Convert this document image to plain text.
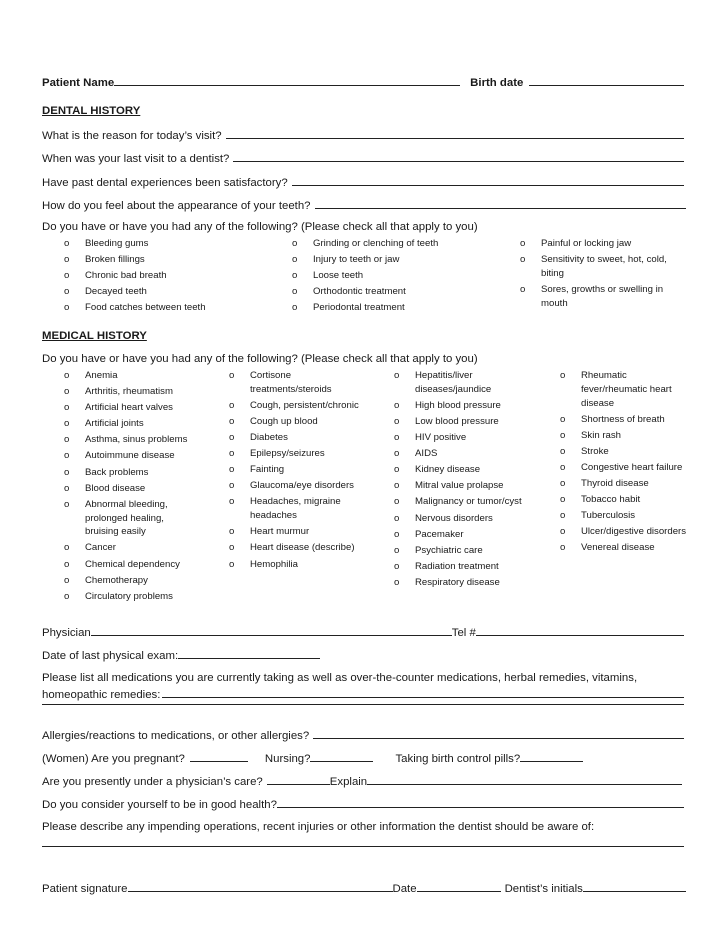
Patient Name	Birth date
DENTAL HISTORY
What is the reason for today’s visit?
When was your last visit to a dentist?
Have past dental experiences been satisfactory?
How do you feel about the appearance of your teeth?
Do you have or have you had any of the following? (Please check all that apply to you)
o Bleeding gums
o Broken fillings
o Chronic bad breath
o Decayed teeth
o Food catches between teeth
o Grinding or clenching of teeth
o Injury to teeth or jaw
o Loose teeth
o Orthodontic treatment
o Periodontal treatment
o Painful or locking jaw
o Sensitivity to sweet, hot, cold, biting
o Sores, growths or swelling in mouth
MEDICAL HISTORY
Do you have or have you had any of the following? (Please check all that apply to you)
o Anemia
o Arthritis, rheumatism
o Artificial heart valves
o Artificial joints
o Asthma, sinus problems
o Autoimmune disease
o Back problems
o Blood disease
o Abnormal bleeding, prolonged healing, bruising easily
o Cancer
o Chemical dependency
o Chemotherapy
o Circulatory problems
o Cortisone treatments/steroids
o Cough, persistent/chronic
o Cough up blood
o Diabetes
o Epilepsy/seizures
o Fainting
o Glaucoma/eye disorders
o Headaches, migraine headaches
o Heart murmur
o Heart disease (describe)
o Hemophilia
o Hepatitis/liver diseases/jaundice
o High blood pressure
o Low blood pressure
o HIV positive
o AIDS
o Kidney disease
o Mitral value prolapse
o Malignancy or tumor/cyst
o Nervous disorders
o Pacemaker
o Psychiatric care
o Radiation treatment
o Respiratory disease
o Rheumatic fever/rheumatic heart disease
o Shortness of breath
o Skin rash
o Stroke
o Congestive heart failure
o Thyroid disease
o Tobacco habit
o Tuberculosis
o Ulcer/digestive disorders
o Venereal disease
Physician	Tel #
Date of last physical exam:
Please list all medications you are currently taking as well as over-the-counter medications, herbal remedies, vitamins,
homeopathic remedies:
Allergies/reactions to medications, or other allergies?
(Women) Are you pregnant?	Nursing?	Taking birth control pills?
Are you presently under a physician’s care?	Explain
Do you consider yourself to be in good health?
Please describe any impending operations, recent injuries or other information the dentist should be aware of:
Patient signature	Date	Dentist’s initials
